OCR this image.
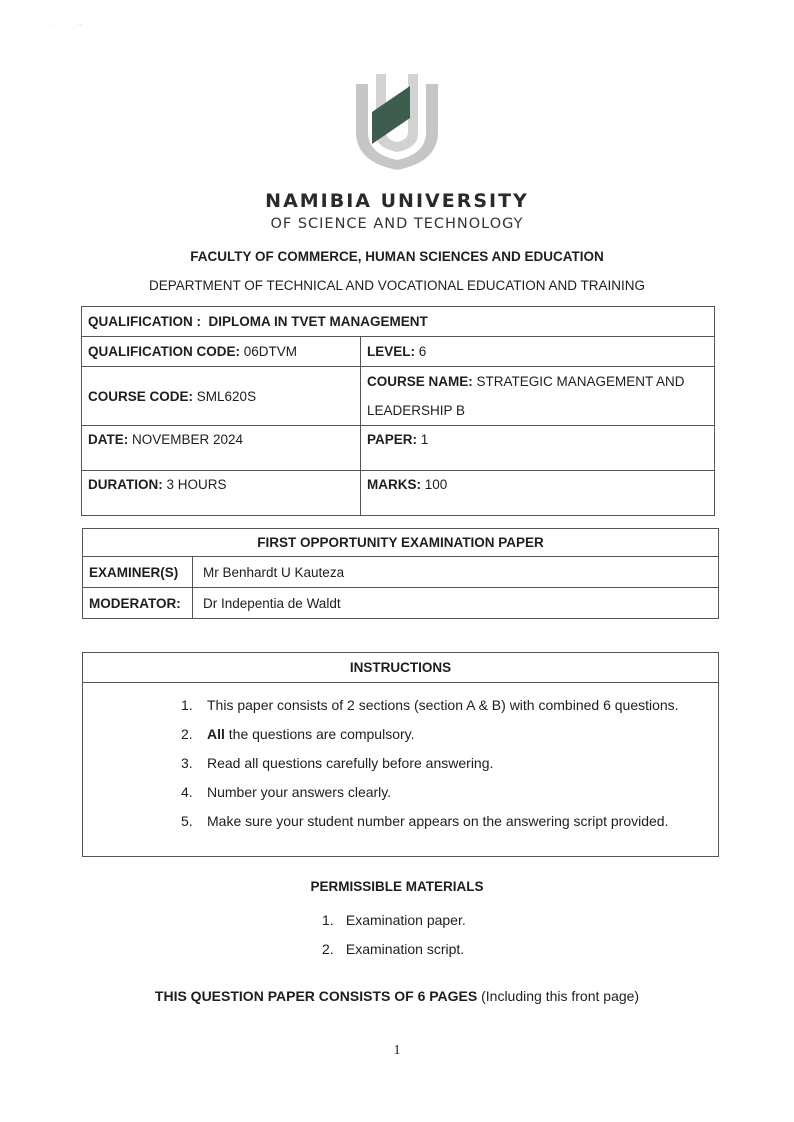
·              ··
NAMIBIA UNIVERSITY
OF SCIENCE AND TECHNOLOGY
FACULTY OF COMMERCE, HUMAN SCIENCES AND EDUCATION
DEPARTMENT OF TECHNICAL AND VOCATIONAL EDUCATION AND TRAINING
QUALIFICATION : DIPLOMA IN TVET MANAGEMENT	
QUALIFICATION CODE: 06DTVM	LEVEL: 6
COURSE CODE: SML620S	COURSE NAME: STRATEGIC MANAGEMENT AND
LEADERSHIP B
DATE: NOVEMBER 2024	PAPER: 1
DURATION: 3 HOURS	MARKS: 100
FIRST OPPORTUNITY EXAMINATION PAPER	
EXAMINER(S)	Mr Benhardt U Kauteza
MODERATOR:	Dr Indepentia de Waldt
INSTRUCTIONS

1. This paper consists of 2 sections (section A & B) with combined 6 questions.
2. All the questions are compulsory.
3. Read all questions carefully before answering.
4. Number your answers clearly.
5. Make sure your student number appears on the answering script provided.
PERMISSIBLE MATERIALS
1. Examination paper.
2. Examination script.
THIS QUESTION PAPER CONSISTS OF 6 PAGES (Including this front page)
1
